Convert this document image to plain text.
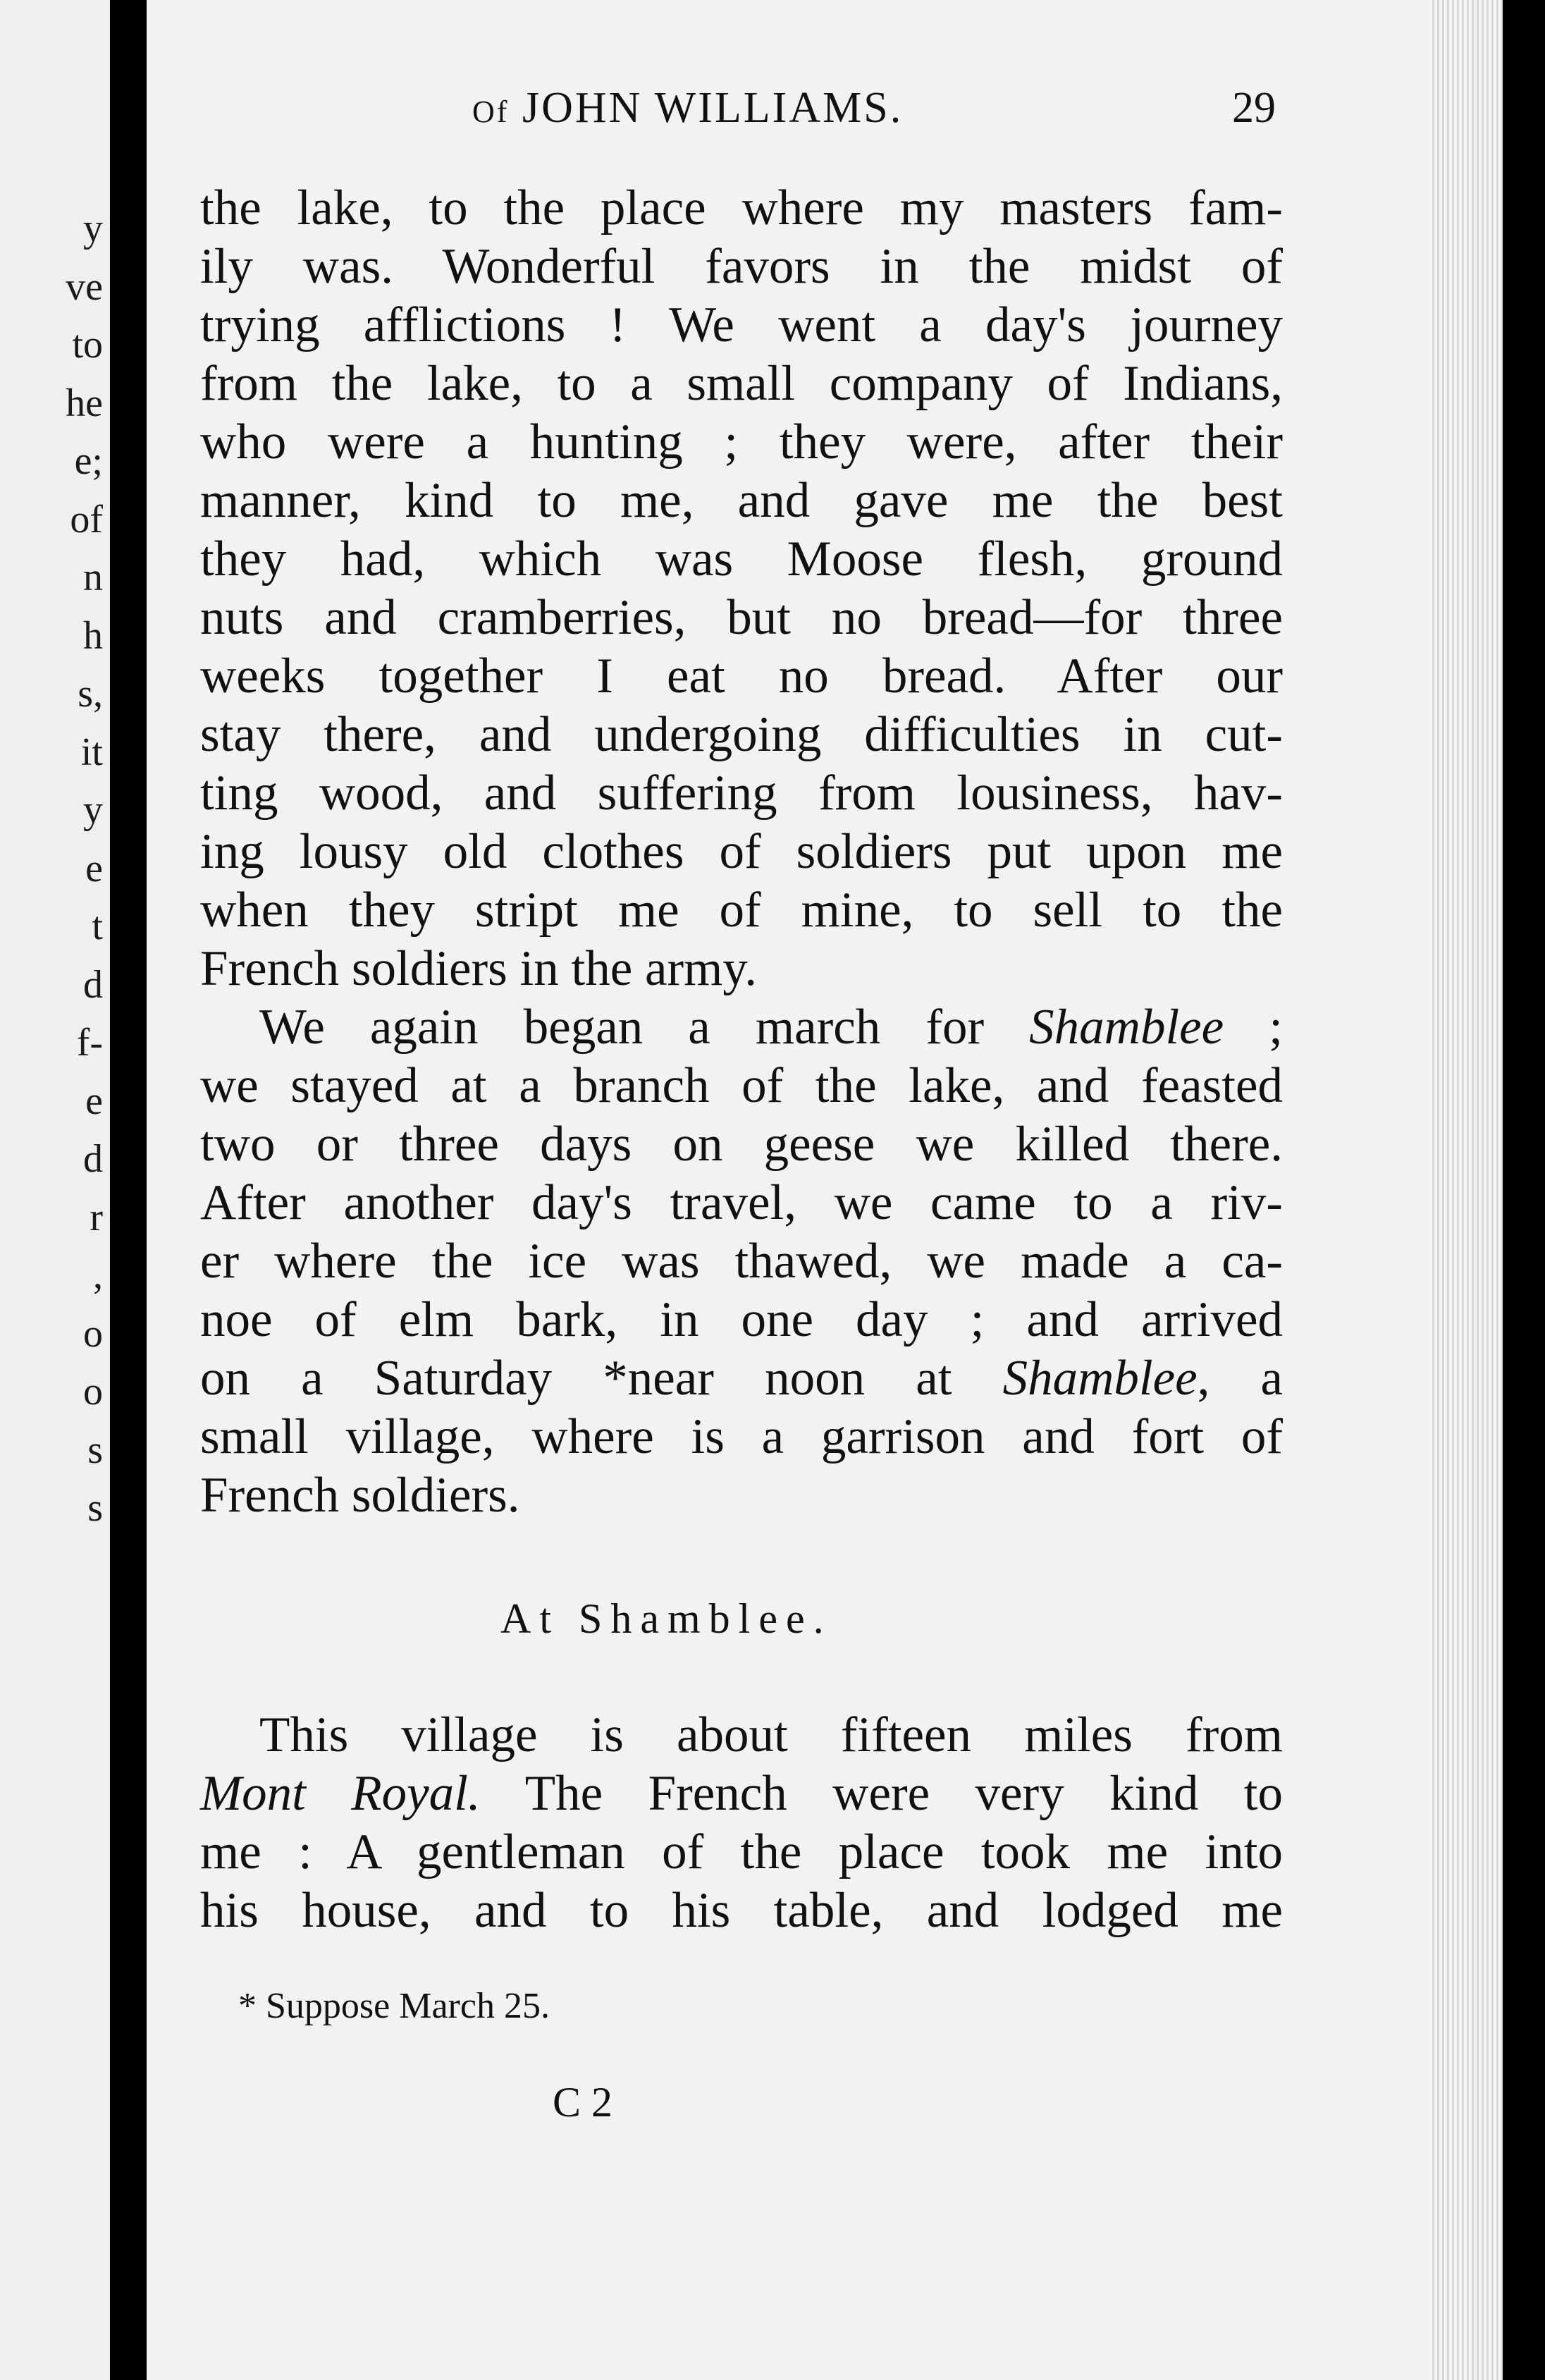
y
ve
to
he
e;
of
n
h
s,
it
y
e
t
d
f-
e
d
r
,
o
o
s
s
Of JOHN WILLIAMS.	29
the lake, to the place where my masters fam-
ily was. Wonderful favors in the midst of
trying afflictions ! We went a day's journey
from the lake, to a small company of Indians,
who were a hunting ; they were, after their
manner, kind to me, and gave me the best
they had, which was Moose flesh, ground
nuts and cramberries, but no bread—for three
weeks together I eat no bread. After our
stay there, and undergoing difficulties in cut-
ting wood, and suffering from lousiness, hav-
ing lousy old clothes of soldiers put upon me
when they stript me of mine, to sell to the
French soldiers in the army.
We again began a march for Shamblee ;
we stayed at a branch of the lake, and feasted
two or three days on geese we killed there.
After another day's travel, we came to a riv-
er where the ice was thawed, we made a ca-
noe of elm bark, in one day ; and arrived
on a Saturday *near noon at Shamblee, a
small village, where is a garrison and fort of
French soldiers.
At Shamblee.
This village is about fifteen miles from
Mont Royal. The French were very kind to
me : A gentleman of the place took me into
his house, and to his table, and lodged me
* Suppose March 25.
C 2
